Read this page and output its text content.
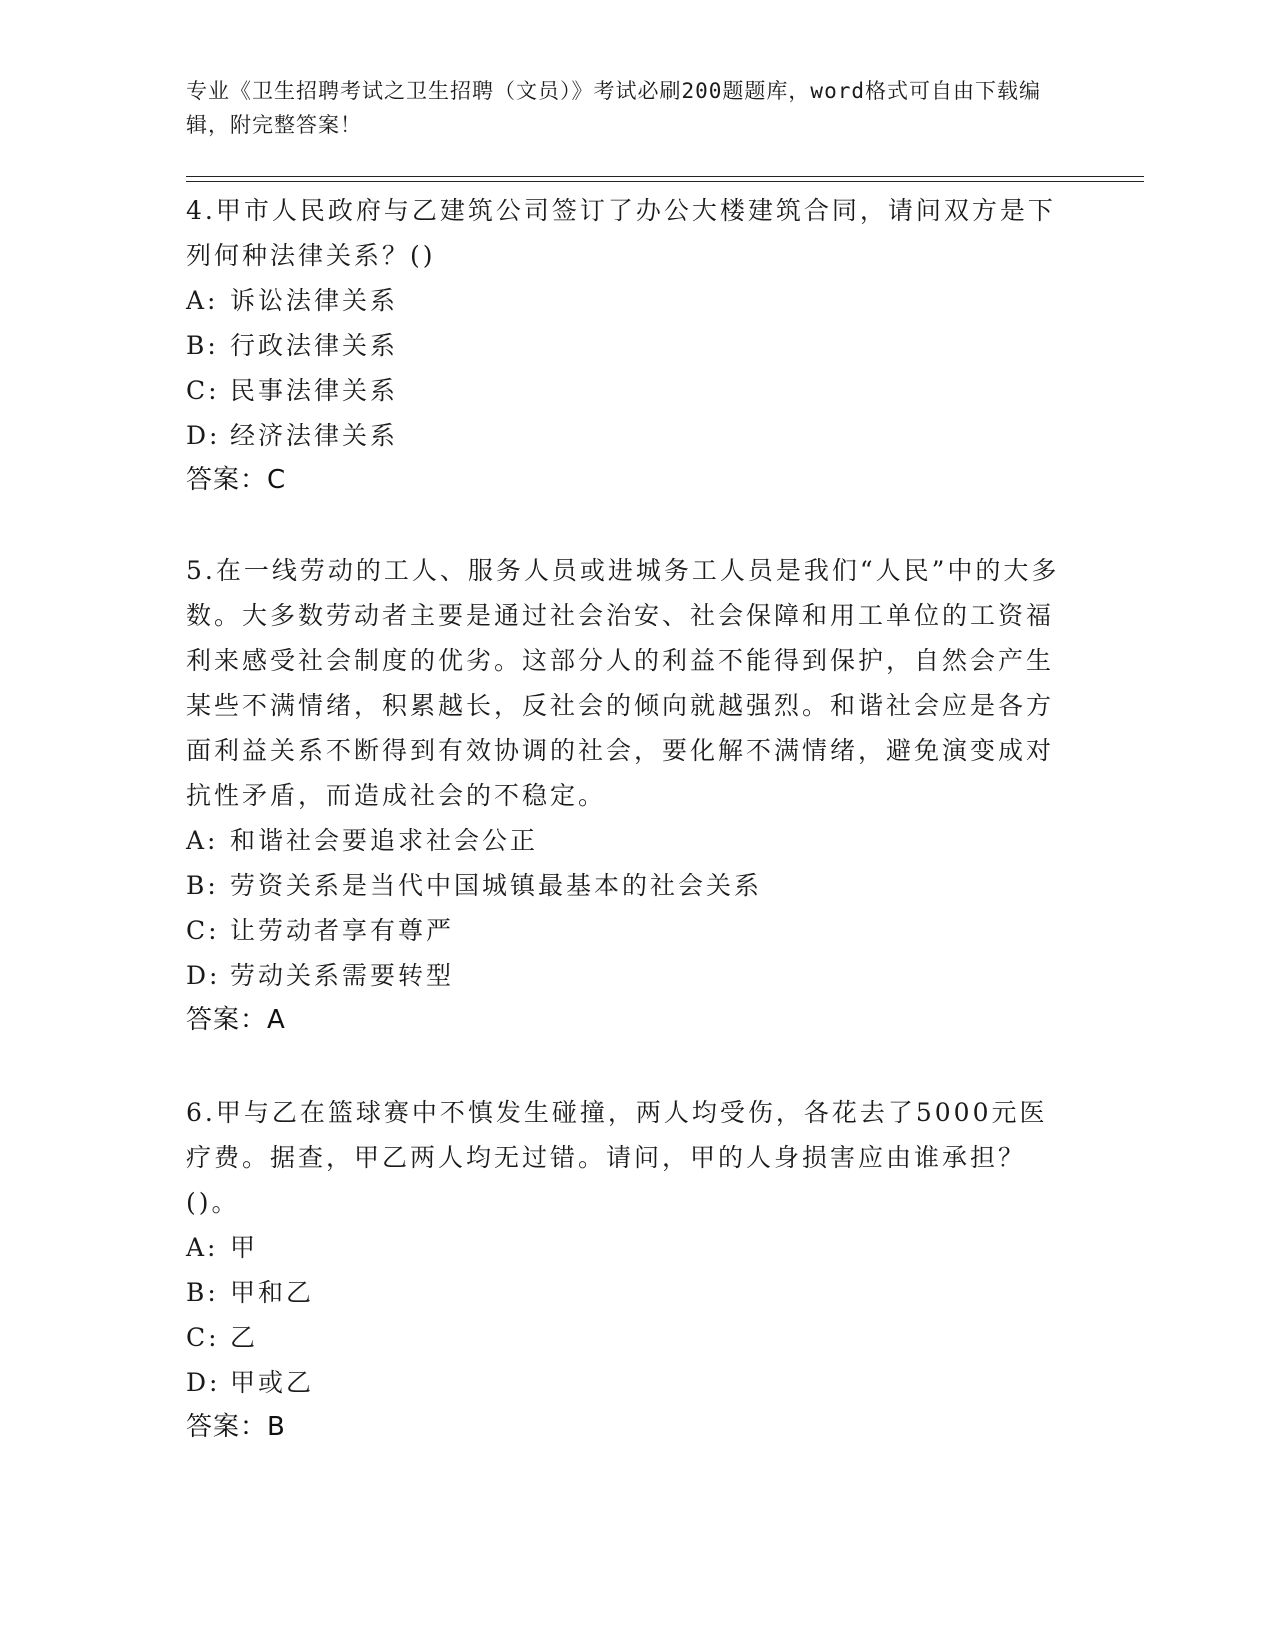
专业《卫生招聘考试之卫生招聘（文员）》考试必刷200题题库，word格式可自由下载编辑，附完整答案！

4.甲市人民政府与乙建筑公司签订了办公大楼建筑合同，请问双方是下列何种法律关系？()

A: 诉讼法律关系

B: 行政法律关系

C: 民事法律关系

D: 经济法律关系

答案：C

5.在一线劳动的工人、服务人员或进城务工人员是我们“人民”中的大多数。大多数劳动者主要是通过社会治安、社会保障和用工单位的工资福利来感受社会制度的优劣。这部分人的利益不能得到保护，自然会产生某些不满情绪，积累越长，反社会的倾向就越强烈。和谐社会应是各方面利益关系不断得到有效协调的社会，要化解不满情绪，避免演变成对抗性矛盾，而造成社会的不稳定。

A: 和谐社会要追求社会公正

B: 劳资关系是当代中国城镇最基本的社会关系

C: 让劳动者享有尊严

D: 劳动关系需要转型

答案：A

6.甲与乙在篮球赛中不慎发生碰撞，两人均受伤，各花去了5000元医疗费。据查，甲乙两人均无过错。请问，甲的人身损害应由谁承担？()。

A: 甲

B: 甲和乙

C: 乙

D: 甲或乙

答案：B
